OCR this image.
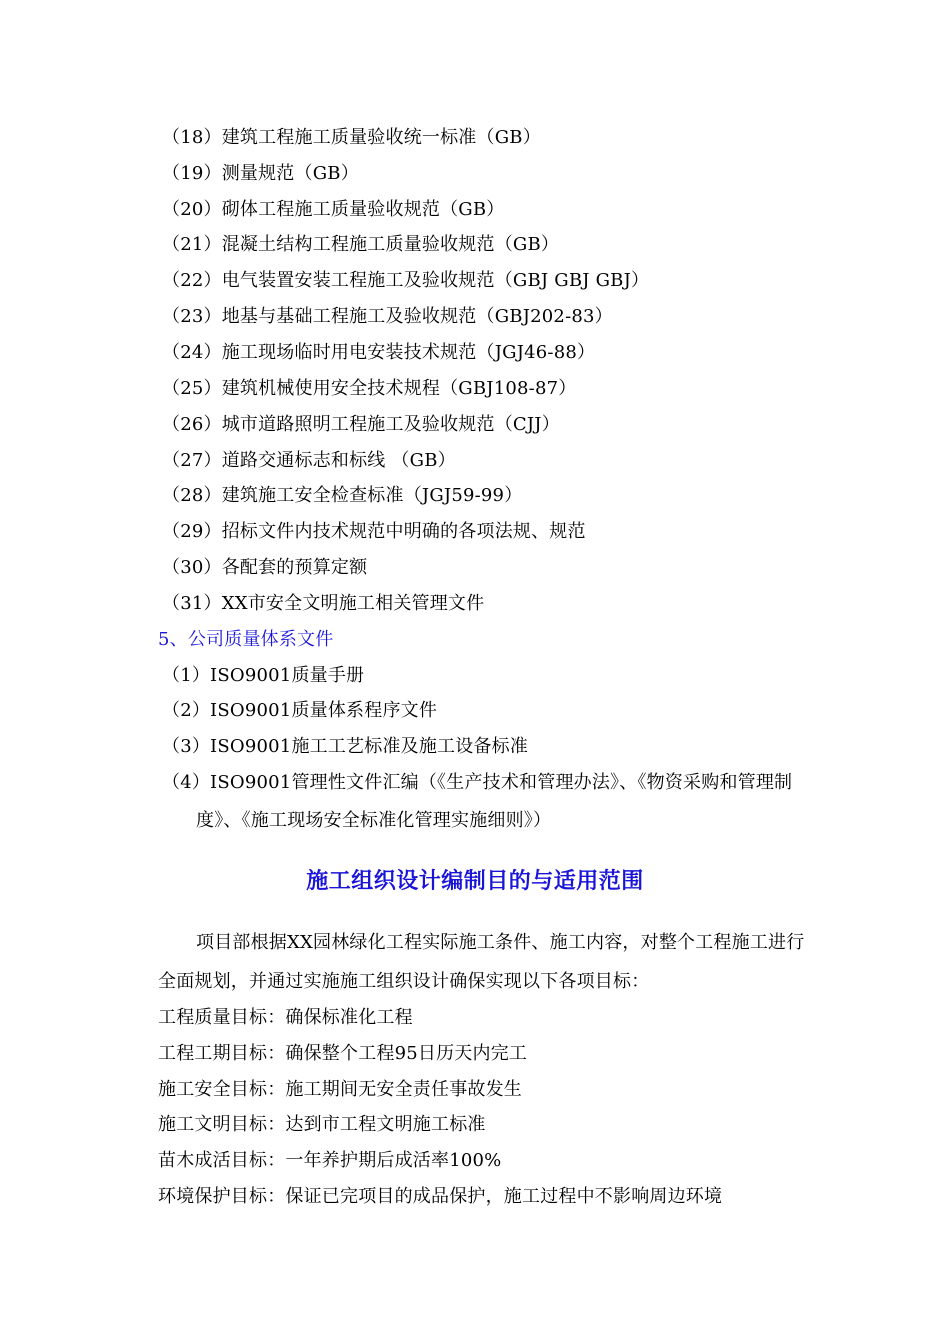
（18）建筑工程施工质量验收统一标准（GB）
（19）测量规范（GB）
（20）砌体工程施工质量验收规范（GB）
（21）混凝土结构工程施工质量验收规范（GB）
（22）电气装置安装工程施工及验收规范（GBJ GBJ GBJ）
（23）地基与基础工程施工及验收规范（GBJ202-83）
（24）施工现场临时用电安装技术规范（JGJ46-88）
（25）建筑机械使用安全技术规程（GBJ108-87）
（26）城市道路照明工程施工及验收规范（CJJ）
（27）道路交通标志和标线 （GB）
（28）建筑施工安全检查标准（JGJ59-99）
（29）招标文件内技术规范中明确的各项法规、规范
（30）各配套的预算定额
（31）XX市安全文明施工相关管理文件
5、公司质量体系文件
（1）ISO9001质量手册
（2）ISO9001质量体系程序文件
（3）ISO9001施工工艺标准及施工设备标准
（4）ISO9001管理性文件汇编（《生产技术和管理办法》、《物资采购和管理制
度》、《施工现场安全标准化管理实施细则》）
施工组织设计编制目的与适用范围
项目部根据XX园林绿化工程实际施工条件、施工内容，对整个工程施工进行
全面规划，并通过实施施工组织设计确保实现以下各项目标：
工程质量目标：确保标准化工程
工程工期目标：确保整个工程95日历天内完工
施工安全目标：施工期间无安全责任事故发生
施工文明目标：达到市工程文明施工标准
苗木成活目标：一年养护期后成活率100%
环境保护目标：保证已完项目的成品保护，施工过程中不影响周边环境
